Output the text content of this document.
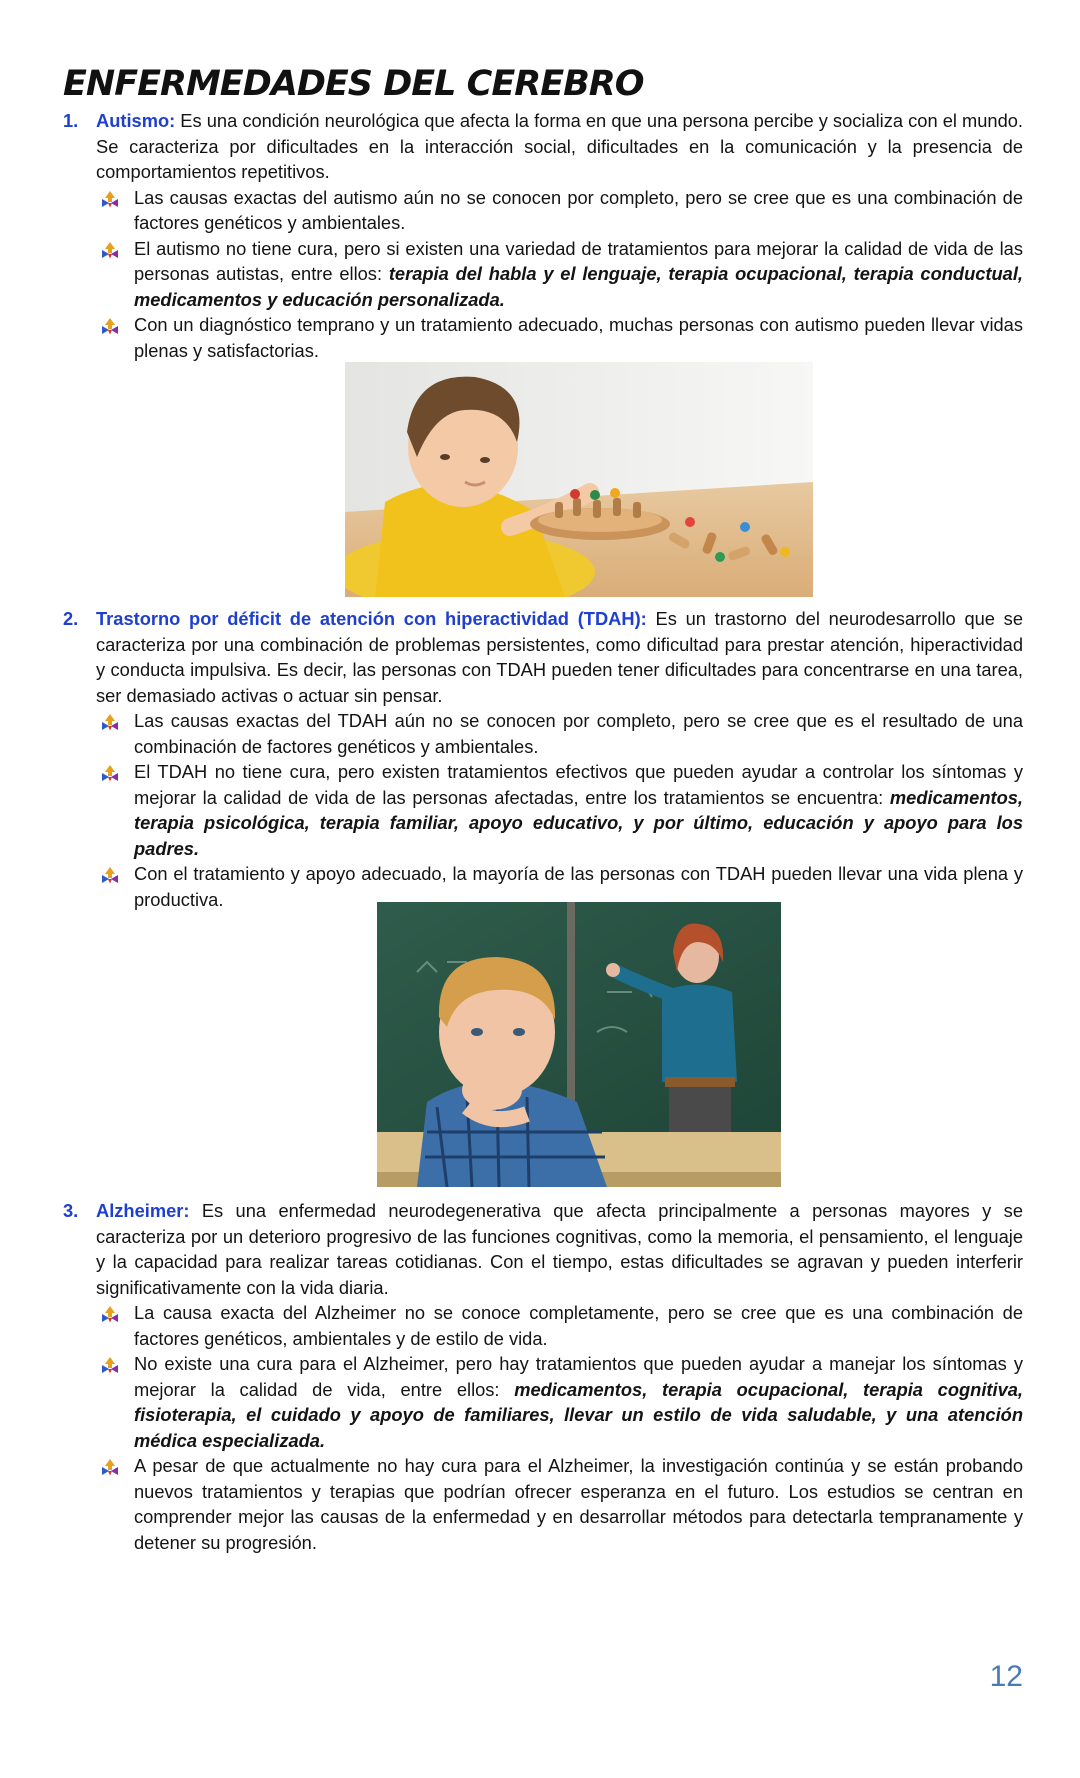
ENFERMEDADES DEL CEREBRO
1. Autismo: Es una condición neurológica que afecta la forma en que una persona percibe y socializa con el mundo. Se caracteriza por dificultades en la interacción social, dificultades en la comunicación y la presencia de comportamientos repetitivos.
Las causas exactas del autismo aún no se conocen por completo, pero se cree que es una combinación de factores genéticos y ambientales.
El autismo no tiene cura, pero si existen una variedad de tratamientos para mejorar la calidad de vida de las personas autistas, entre ellos: terapia del habla y el lenguaje, terapia ocupacional, terapia conductual, medicamentos y educación personalizada.
Con un diagnóstico temprano y un tratamiento adecuado, muchas personas con autismo pueden llevar vidas plenas y satisfactorias.
2. Trastorno por déficit de atención con hiperactividad (TDAH): Es un trastorno del neurodesarrollo que se caracteriza por una combinación de problemas persistentes, como dificultad para prestar atención, hiperactividad y conducta impulsiva. Es decir, las personas con TDAH pueden tener dificultades para concentrarse en una tarea, ser demasiado activas o actuar sin pensar.
Las causas exactas del TDAH aún no se conocen por completo, pero se cree que es el resultado de una combinación de factores genéticos y ambientales.
El TDAH no tiene cura, pero existen tratamientos efectivos que pueden ayudar a controlar los síntomas y mejorar la calidad de vida de las personas afectadas, entre los tratamientos se encuentra: medicamentos, terapia psicológica, terapia familiar, apoyo educativo, y por último, educación y apoyo para los padres.
Con el tratamiento y apoyo adecuado, la mayoría de las personas con TDAH pueden llevar una vida plena y productiva.
3. Alzheimer: Es una enfermedad neurodegenerativa que afecta principalmente a personas mayores y se caracteriza por un deterioro progresivo de las funciones cognitivas, como la memoria, el pensamiento, el lenguaje y la capacidad para realizar tareas cotidianas. Con el tiempo, estas dificultades se agravan y pueden interferir significativamente con la vida diaria.
La causa exacta del Alzheimer no se conoce completamente, pero se cree que es una combinación de factores genéticos, ambientales y de estilo de vida.
No existe una cura para el Alzheimer, pero hay tratamientos que pueden ayudar a manejar los síntomas y mejorar la calidad de vida, entre ellos: medicamentos, terapia ocupacional, terapia cognitiva, fisioterapia, el cuidado y apoyo de familiares, llevar un estilo de vida saludable, y una atención médica especializada.
A pesar de que actualmente no hay cura para el Alzheimer, la investigación continúa y se están probando nuevos tratamientos y terapias que podrían ofrecer esperanza en el futuro. Los estudios se centran en comprender mejor las causas de la enfermedad y en desarrollar métodos para detectarla tempranamente y detener su progresión.
12
